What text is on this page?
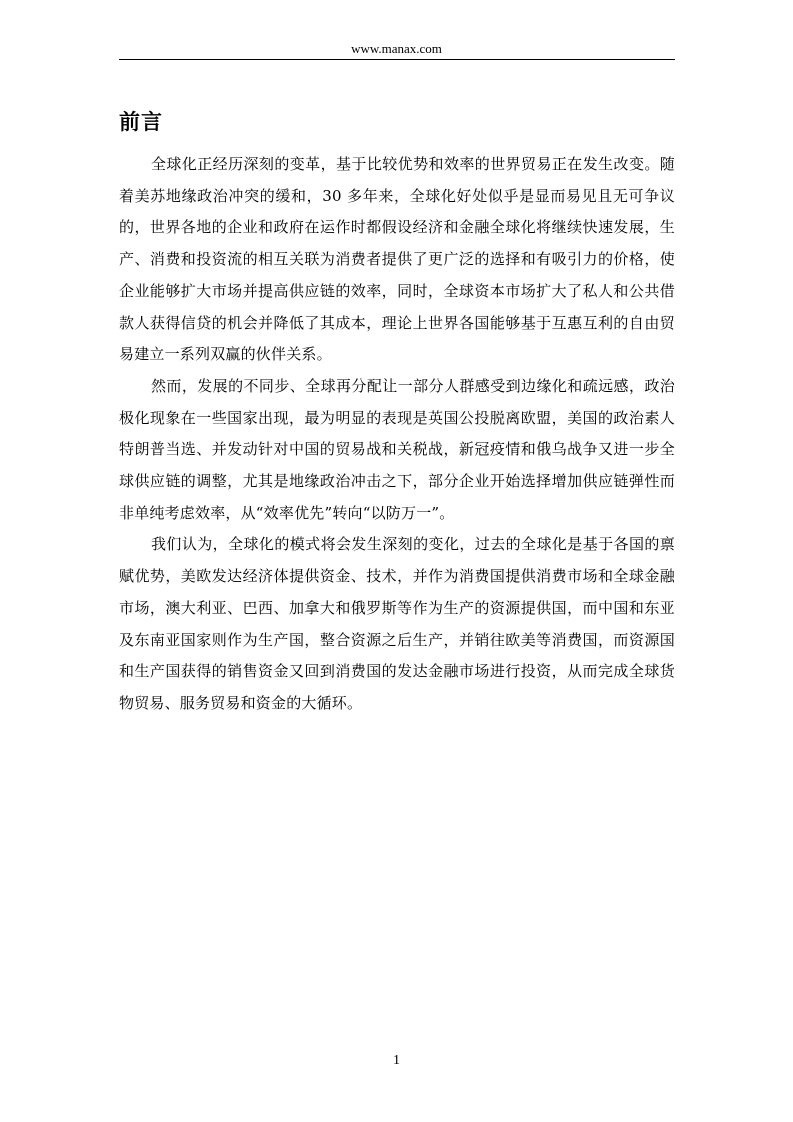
www.manax.com
前言

全球化正经历深刻的变革，基于比较优势和效率的世界贸易正在发生改变。随着美苏地缘政治冲突的缓和，30 多年来，全球化好处似乎是显而易见且无可争议的，世界各地的企业和政府在运作时都假设经济和金融全球化将继续快速发展，生产、消费和投资流的相互关联为消费者提供了更广泛的选择和有吸引力的价格，使企业能够扩大市场并提高供应链的效率，同时，全球资本市场扩大了私人和公共借款人获得信贷的机会并降低了其成本，理论上世界各国能够基于互惠互利的自由贸易建立一系列双赢的伙伴关系。

然而，发展的不同步、全球再分配让一部分人群感受到边缘化和疏远感，政治极化现象在一些国家出现，最为明显的表现是英国公投脱离欧盟，美国的政治素人特朗普当选、并发动针对中国的贸易战和关税战，新冠疫情和俄乌战争又进一步全球供应链的调整，尤其是地缘政治冲击之下，部分企业开始选择增加供应链弹性而非单纯考虑效率，从“效率优先”转向“以防万一”。

我们认为，全球化的模式将会发生深刻的变化，过去的全球化是基于各国的禀赋优势，美欧发达经济体提供资金、技术，并作为消费国提供消费市场和全球金融市场，澳大利亚、巴西、加拿大和俄罗斯等作为生产的资源提供国，而中国和东亚及东南亚国家则作为生产国，整合资源之后生产，并销往欧美等消费国，而资源国和生产国获得的销售资金又回到消费国的发达金融市场进行投资，从而完成全球货物贸易、服务贸易和资金的大循环。

1
